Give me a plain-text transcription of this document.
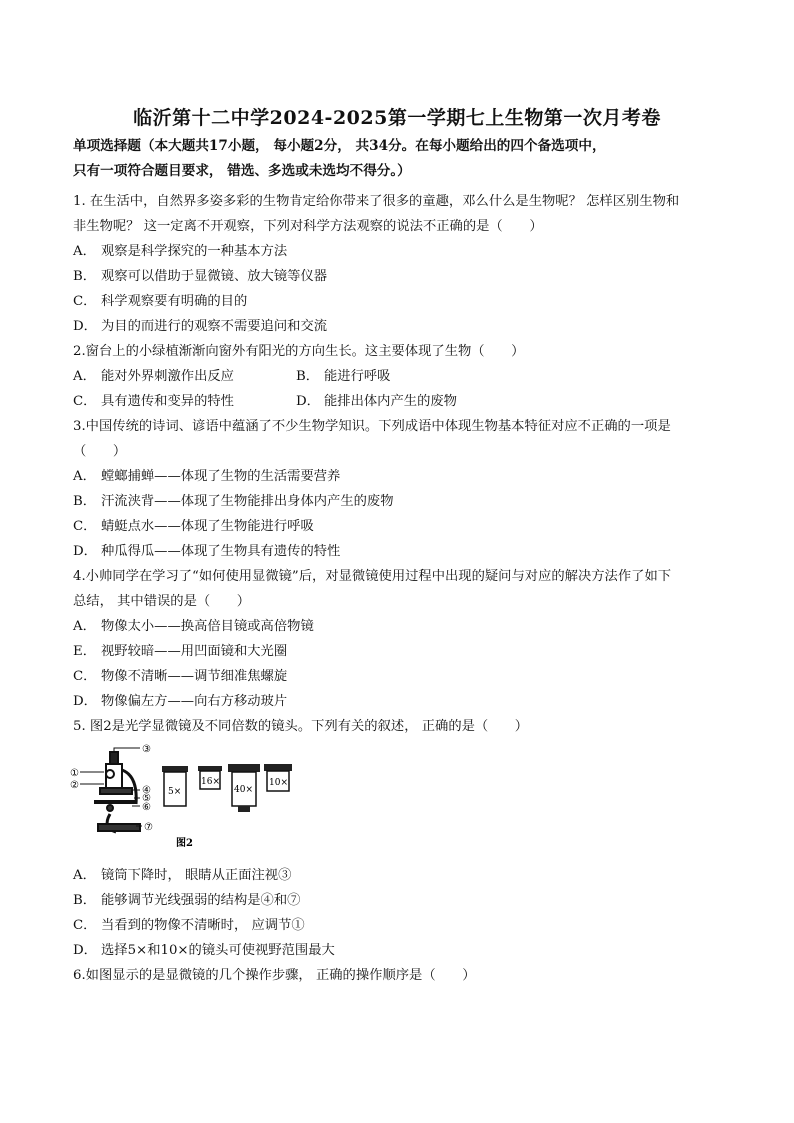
临沂第十二中学2024-2025第一学期七上生物第一次月考卷
单项选择题（本大题共17小题， 每小题2分， 共34分。在每小题给出的四个备选项中，
只有一项符合题目要求， 错选、多选或未选均不得分。）
1. 在生活中，自然界多姿多彩的生物肯定给你带来了很多的童趣，邓么什么是生物呢？ 怎样区别生物和
非生物呢？ 这一定离不开观察，下列对科学方法观察的说法不正确的是（　　）
A． 观察是科学探究的一种基本方法
B． 观察可以借助于显微镜、放大镜等仪器
C． 科学观察要有明确的目的
D． 为目的而进行的观察不需要追问和交流
2.窗台上的小绿植渐渐向窗外有阳光的方向生长。这主要体现了生物（　　）
A． 能对外界刺激作出反应	B． 能进行呼吸
C． 具有遗传和变异的特性	D． 能排出体内产生的废物
3.中国传统的诗词、谚语中蕴涵了不少生物学知识。下列成语中体现生物基本特征对应不正确的一项是
（　　）
A． 螳螂捕蝉——体现了生物的生活需要营养
B． 汗流浃背——体现了生物能排出身体内产生的废物
C． 蜻蜓点水——体现了生物能进行呼吸
D． 种瓜得瓜——体现了生物具有遗传的特性
4.小帅同学在学习了“如何使用显微镜”后，对显微镜使用过程中出现的疑问与对应的解决方法作了如下
总结， 其中错误的是（　　）
A． 物像太小——换高倍目镜或高倍物镜
E． 视野较暗——用凹面镜和大光圈
C． 物像不清晰——调节细准焦螺旋
D． 物像偏左方——向右方移动玻片
5. 图2是光学显微镜及不同倍数的镜头。下列有关的叙述， 正确的是（　　）
③
①
②	④
⑤
⑥
⑦
5×
16×
40×
10×
图2
A． 镜筒下降时， 眼睛从正面注视③
B． 能够调节光线强弱的结构是④和⑦
C． 当看到的物像不清晰时， 应调节①
D． 选择5×和10×的镜头可使视野范围最大
6.如图显示的是显微镜的几个操作步骤， 正确的操作顺序是（　　）
